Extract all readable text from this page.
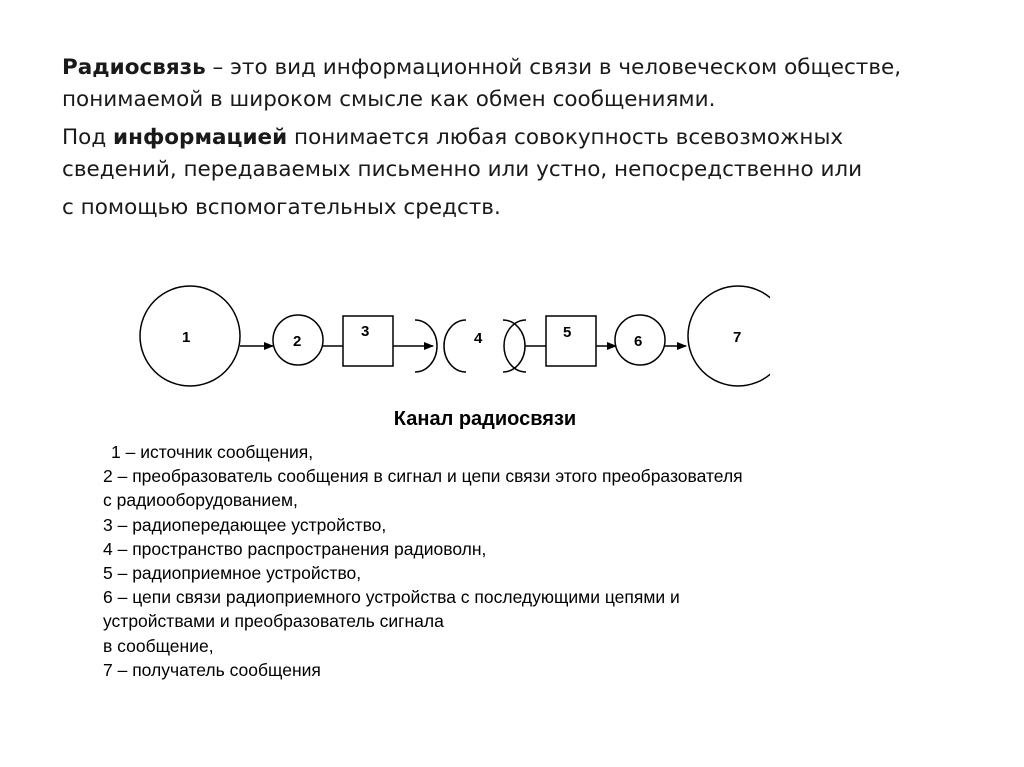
Радиосвязь – это вид информационной связи в человеческом обществе,
понимаемой в широком смысле как обмен сообщениями.

Под информацией понимается любая совокупность всевозможных
сведений, передаваемых письменно или устно, непосредственно или
с помощью вспомогательных средств.

1	2
3	4	5
6	7
Канал радиосвязи
1 – источник сообщения,
2 – преобразователь сообщения в сигнал и цепи связи этого преобразователя
с радиооборудованием,
3 – радиопередающее устройство,
4 – пространство распространения радиоволн,
5 – радиоприемное устройство,
6 – цепи связи радиоприемного устройства с последующими цепями и
устройствами и преобразователь сигнала
в сообщение,
7 – получатель сообщения
